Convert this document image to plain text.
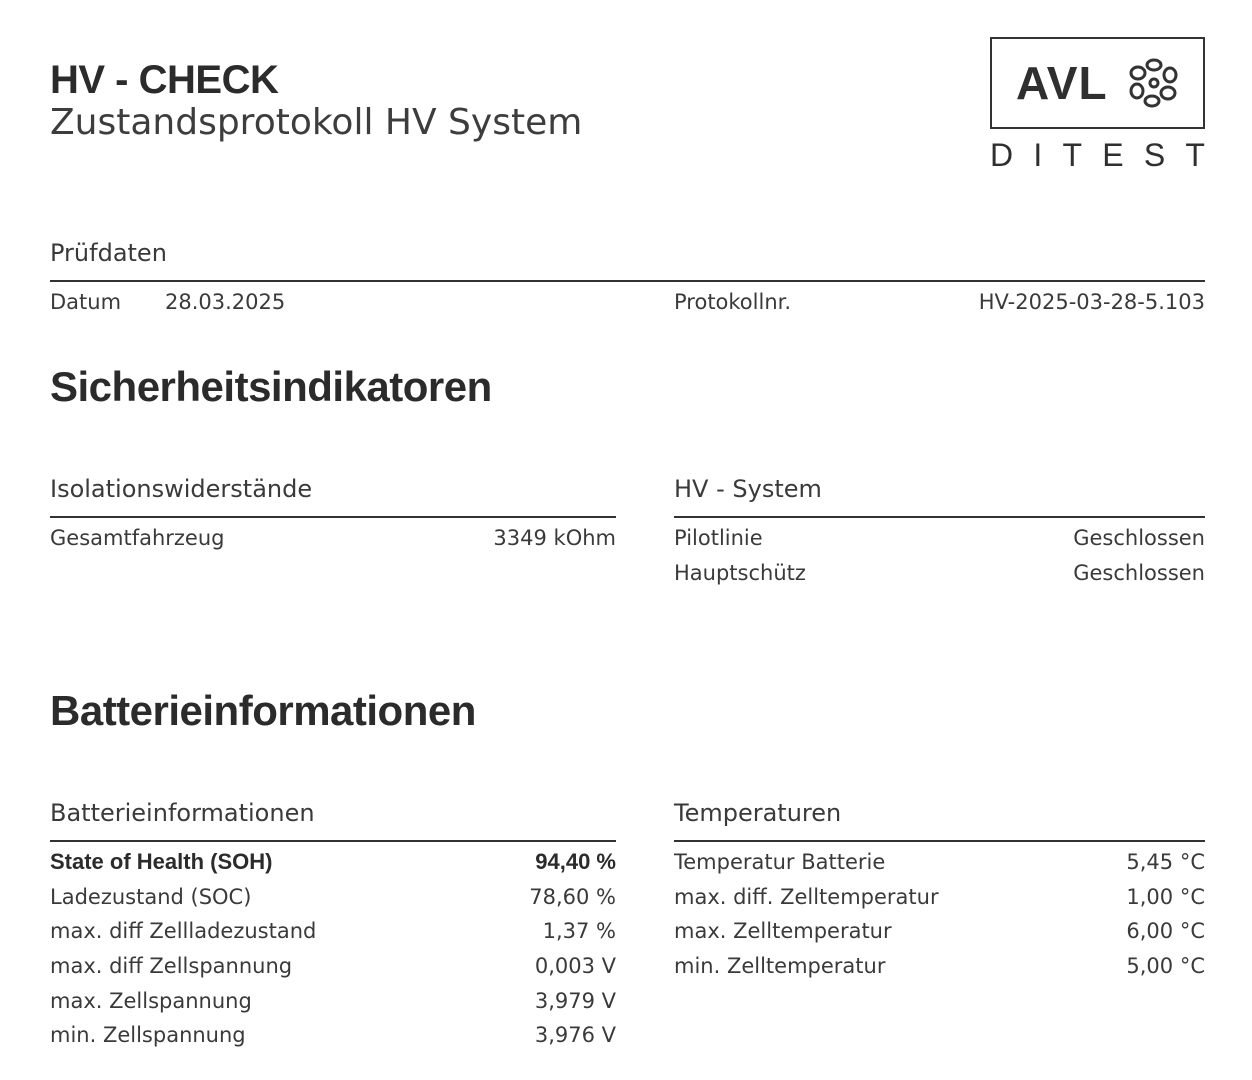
HV - CHECK
Zustandsprotokoll HV System
AVL
D I T E S T
Prüfdaten
Datum 28.03.2025	Protokollnr.	HV-2025-03-28-5.103
Sicherheitsindikatoren
Isolationswiderstände
Gesamtfahrzeug	3349 kOhm
HV - System
Pilotlinie	Geschlossen
Hauptschütz	Geschlossen
Batterieinformationen
Batterieinformationen
State of Health (SOH)	94,40 %
Ladezustand (SOC)	78,60 %
max. diff Zellladezustand	1,37 %
max. diff Zellspannung	0,003 V
max. Zellspannung	3,979 V
min. Zellspannung	3,976 V
Temperaturen
Temperatur Batterie	5,45 °C
max. diff. Zelltemperatur	1,00 °C
max. Zelltemperatur	6,00 °C
min. Zelltemperatur	5,00 °C
